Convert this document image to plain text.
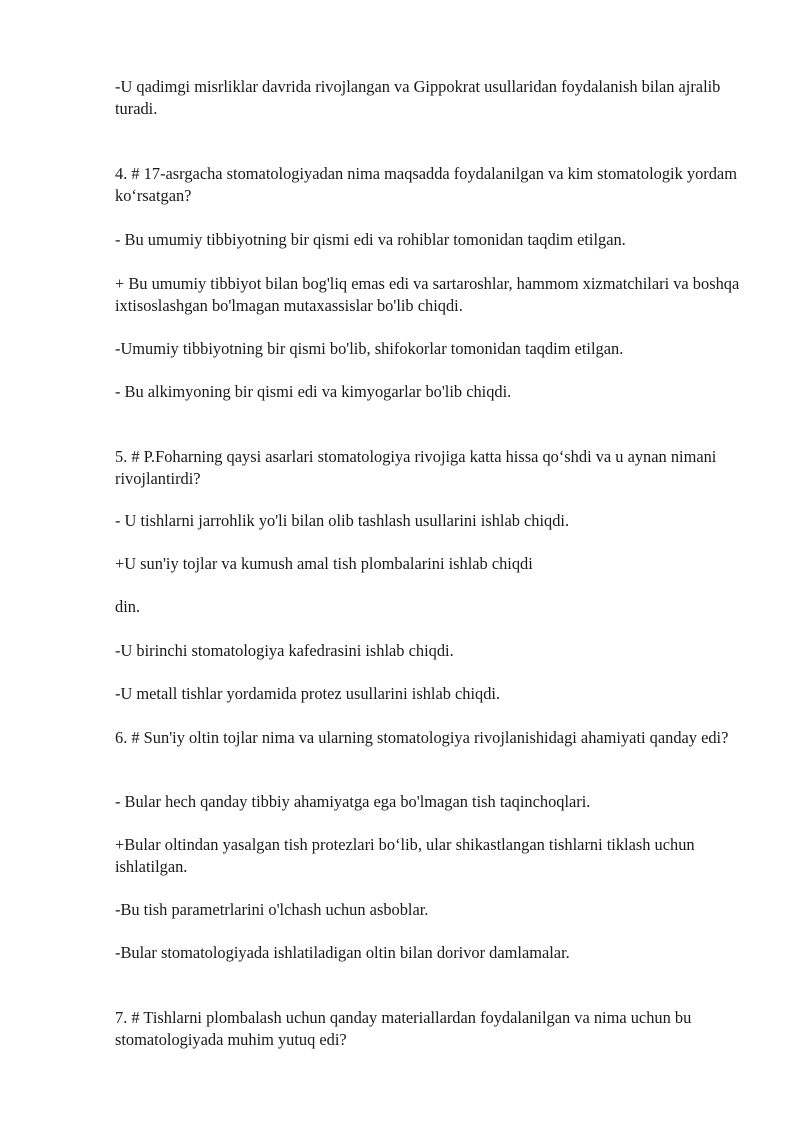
-U qadimgi misrliklar davrida rivojlangan va Gippokrat usullaridan foydalanish bilan ajralib turadi.

4. # 17-asrgacha stomatologiyadan nima maqsadda foydalanilgan va kim stomatologik yordam koʻrsatgan?

- Bu umumiy tibbiyotning bir qismi edi va rohiblar tomonidan taqdim etilgan.

+ Bu umumiy tibbiyot bilan bog'liq emas edi va sartaroshlar, hammom xizmatchilari va boshqa ixtisoslashgan bo'lmagan mutaxassislar bo'lib chiqdi.

-Umumiy tibbiyotning bir qismi bo'lib, shifokorlar tomonidan taqdim etilgan.

- Bu alkimyoning bir qismi edi va kimyogarlar bo'lib chiqdi.

5. # P.Foharning qaysi asarlari stomatologiya rivojiga katta hissa qoʻshdi va u aynan nimani rivojlantirdi?

- U tishlarni jarrohlik yo'li bilan olib tashlash usullarini ishlab chiqdi.

+U sun'iy tojlar va kumush amal tish plombalarini ishlab chiqdi

din.

-U birinchi stomatologiya kafedrasini ishlab chiqdi.

-U metall tishlar yordamida protez usullarini ishlab chiqdi.

6. # Sun'iy oltin tojlar nima va ularning stomatologiya rivojlanishidagi ahamiyati qanday edi?

- Bular hech qanday tibbiy ahamiyatga ega bo'lmagan tish taqinchoqlari.

+Bular oltindan yasalgan tish protezlari boʻlib, ular shikastlangan tishlarni tiklash uchun ishlatilgan.

-Bu tish parametrlarini o'lchash uchun asboblar.

-Bular stomatologiyada ishlatiladigan oltin bilan dorivor damlamalar.

7. # Tishlarni plombalash uchun qanday materiallardan foydalanilgan va nima uchun bu stomatologiyada muhim yutuq edi?
